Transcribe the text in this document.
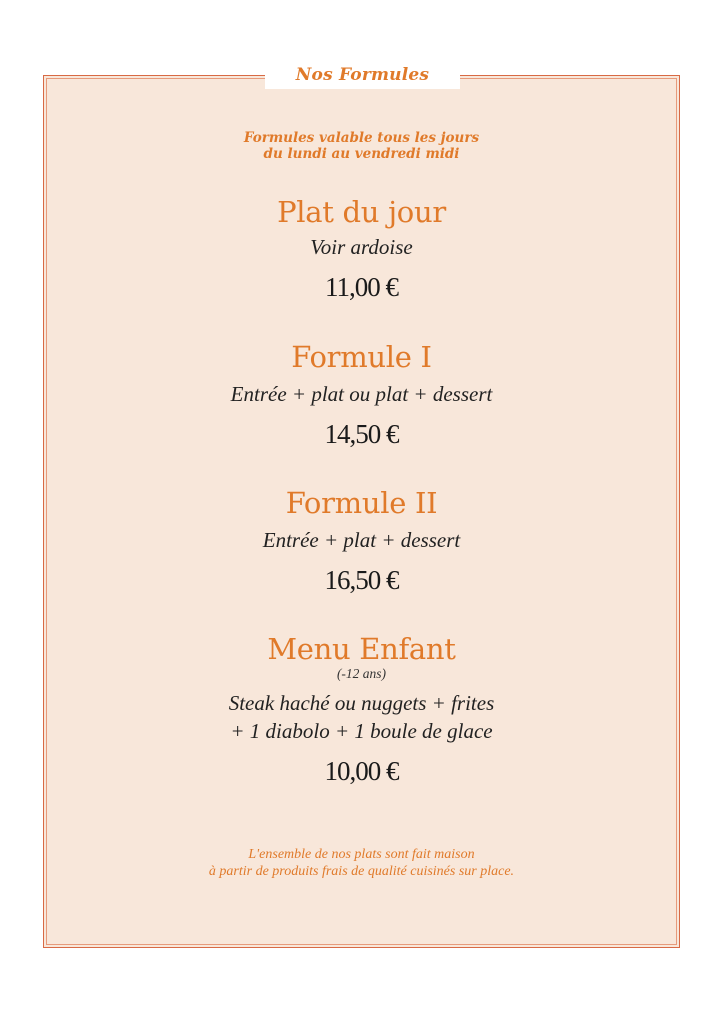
Nos Formules
Formules valable tous les jours
du lundi au vendredi midi
Plat du jour
Voir ardoise
11,00 €
Formule I
Entrée + plat ou plat + dessert
14,50 €
Formule II
Entrée + plat + dessert
16,50 €
Menu Enfant
(-12 ans)
Steak haché ou nuggets + frites
+ 1 diabolo + 1 boule de glace
10,00 €
L'ensemble de nos plats sont fait maison
à partir de produits frais de qualité cuisinés sur place.
